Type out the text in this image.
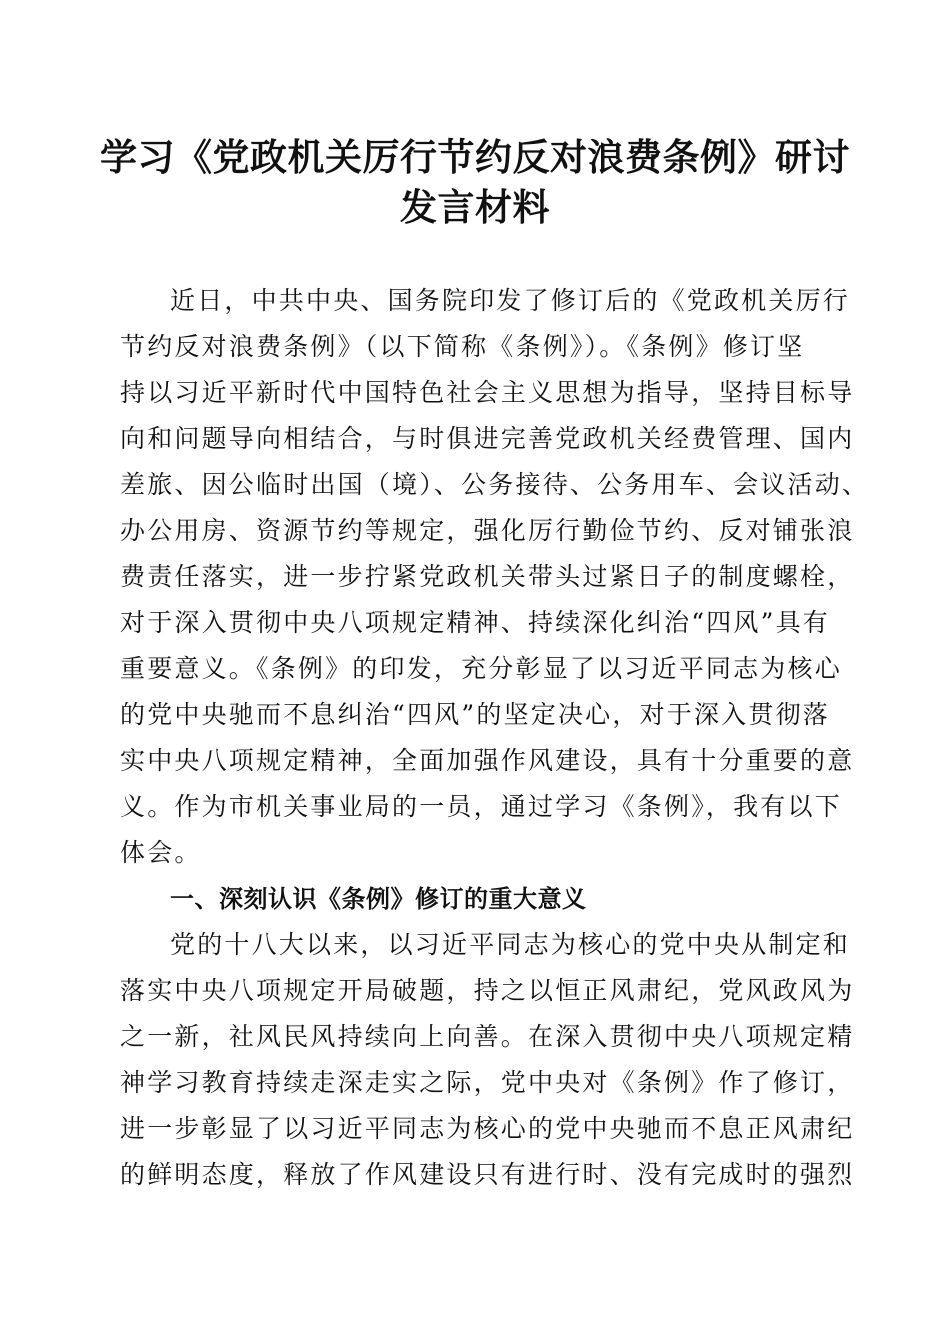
学习《党政机关厉行节约反对浪费条例》研讨
发言材料
近日，中共中央、国务院印发了修订后的《党政机关厉行
节约反对浪费条例》（以下简称《条例》）。《条例》修订坚
持以习近平新时代中国特色社会主义思想为指导，坚持目标导
向和问题导向相结合，与时俱进完善党政机关经费管理、国内
差旅、因公临时出国（境）、公务接待、公务用车、会议活动、
办公用房、资源节约等规定，强化厉行勤俭节约、反对铺张浪
费责任落实，进一步拧紧党政机关带头过紧日子的制度螺栓，
对于深入贯彻中央八项规定精神、持续深化纠治“四风”具有
重要意义。《条例》的印发，充分彰显了以习近平同志为核心
的党中央驰而不息纠治“四风”的坚定决心，对于深入贯彻落
实中央八项规定精神，全面加强作风建设，具有十分重要的意
义。作为市机关事业局的一员，通过学习《条例》，我有以下
体会。
一、深刻认识《条例》修订的重大意义
党的十八大以来，以习近平同志为核心的党中央从制定和
落实中央八项规定开局破题，持之以恒正风肃纪，党风政风为
之一新，社风民风持续向上向善。在深入贯彻中央八项规定精
神学习教育持续走深走实之际，党中央对《条例》作了修订，
进一步彰显了以习近平同志为核心的党中央驰而不息正风肃纪
的鲜明态度，释放了作风建设只有进行时、没有完成时的强烈
